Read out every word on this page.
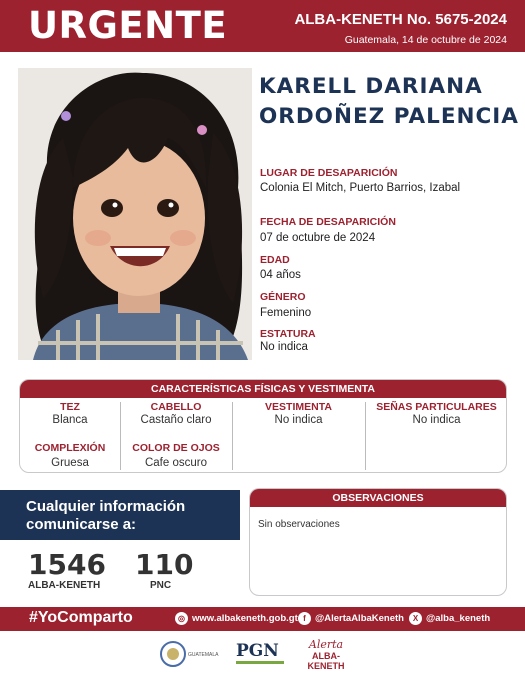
URGENTE	ALBA-KENETH No. 5675-2024
Guatemala, 14 de octubre de 2024
KARELL DARIANA
ORDOÑEZ PALENCIA
LUGAR DE DESAPARICIÓN
Colonia El Mitch, Puerto Barrios, Izabal
FECHA DE DESAPARICIÓN
07 de octubre de 2024
EDAD
04 años
GÉNERO
Femenino
ESTATURA
No indica
CARACTERÍSTICAS FÍSICAS Y VESTIMENTA
TEZ
Blanca
CABELLO
Castaño claro
VESTIMENTA
No indica
SEÑAS PARTICULARES
No indica
COMPLEXIÓN
Gruesa
COLOR DE OJOS
Cafe oscuro
Cualquier información
comunicarse a:
1546
ALBA-KENETH
110
PNC
OBSERVACIONES
Sin observaciones
#YoComparto	◎ www.albakeneth.gob.gt f @AlertaAlbaKeneth	X @alba_keneth
GUATEMALA	PGN	Alerta
ALBA-KENETH
